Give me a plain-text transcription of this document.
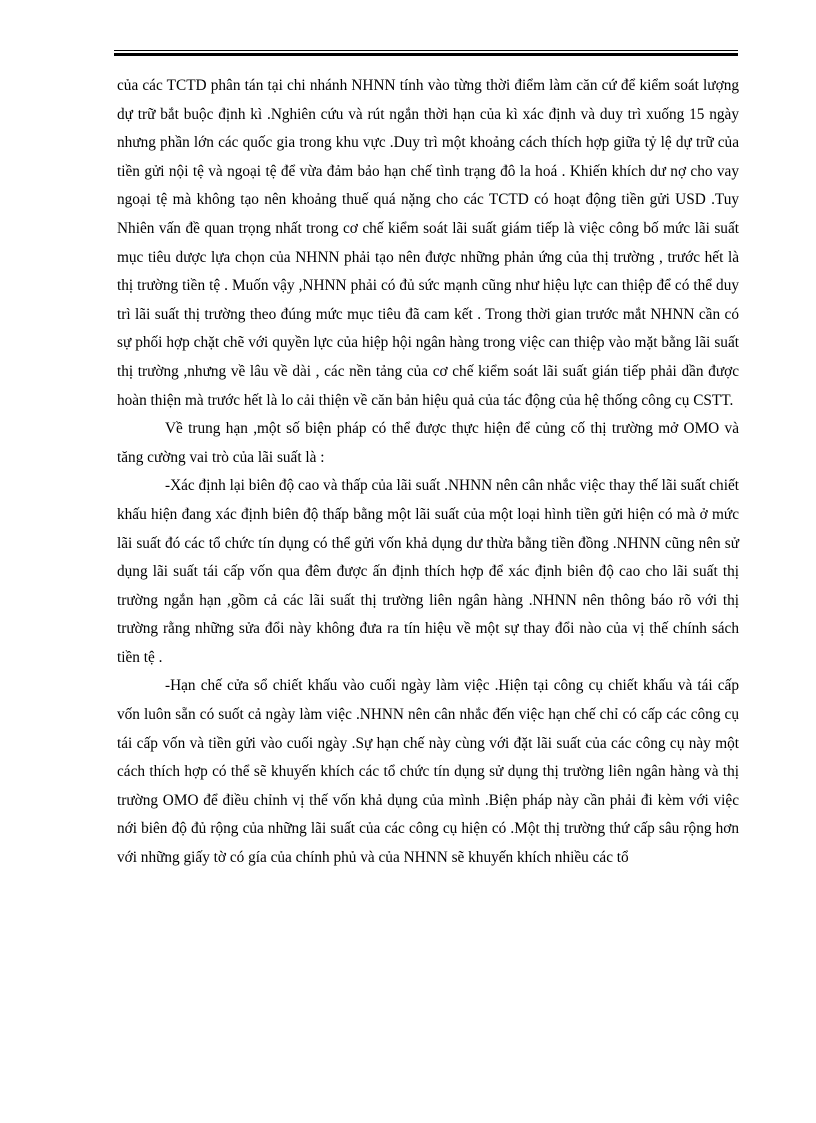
của các TCTD phân tán tại chi nhánh NHNN tính vào từng thời điểm làm căn cứ để kiểm soát lượng dự trữ bắt buộc định kì .Nghiên cứu và rút ngắn thời hạn của kì xác định và duy trì xuống 15 ngày nhưng phần lớn các quốc gia trong khu vực .Duy trì một khoảng cách thích hợp giữa tỷ lệ dự trữ của tiền gửi nội tệ và ngoại tệ để vừa đảm bảo hạn chế tình trạng đô la hoá . Khiến khích dư nợ cho vay ngoại tệ mà không tạo nên khoảng thuế quá nặng cho các TCTD có hoạt động tiền gửi USD .Tuy Nhiên vấn đề quan trọng nhất trong cơ chế kiểm soát lãi suất giám tiếp là việc công bố mức lãi suất mục tiêu dược lựa chọn của NHNN phải tạo nên được những phản ứng của thị trường , trước hết là thị trường tiền tệ . Muốn vậy ,NHNN phải có đủ sức mạnh cũng như hiệu lực can thiệp để có thể duy trì lãi suất thị trường theo đúng mức mục tiêu đã cam kết . Trong thời gian trước mắt NHNN cần có sự phối hợp chặt chẽ với quyền lực của hiệp hội ngân hàng trong việc can thiệp vào mặt bằng lãi suất thị trường ,nhưng về lâu về dài , các nền tảng của cơ chế kiểm soát lãi suất gián tiếp phải dần được hoàn thiện mà trước hết là lo cải thiện về căn bản hiệu quả của tác động của hệ thống công cụ CSTT.

Về trung hạn ,một số biện pháp có thể được thực hiện để củng cố thị trường mở OMO và tăng cường vai trò của lãi suất là :

-Xác định lại biên độ cao và thấp của lãi suất .NHNN nên cân nhắc việc thay thế lãi suất chiết khấu hiện đang xác định biên độ thấp bằng một lãi suất của một loại hình tiền gửi hiện có mà ở mức lãi suất đó các tổ chức tín dụng có thể gửi vốn khả dụng dư thừa bằng tiền đồng .NHNN cũng nên sử dụng lãi suất tái cấp vốn qua đêm được ấn định thích hợp để xác định biên độ cao cho lãi suất thị trường ngắn hạn ,gồm cả các lãi suất thị trường liên ngân hàng .NHNN nên thông báo rõ với thị trường rằng những sửa đổi này không đưa ra tín hiệu về một sự thay đổi nào của vị thế chính sách tiền tệ .

-Hạn chế cửa sổ chiết khấu vào cuối ngày làm việc .Hiện tại công cụ chiết khấu và tái cấp vốn luôn sẵn có suốt cả ngày làm việc .NHNN nên cân nhắc đến việc hạn chế chỉ có cấp các công cụ tái cấp vốn và tiền gửi vào cuối ngày .Sự hạn chế này cùng với đặt lãi suất của các công cụ này một cách thích hợp có thể sẽ khuyến khích các tổ chức tín dụng sử dụng thị trường liên ngân hàng và thị trường OMO để điều chỉnh vị thế vốn khả dụng của mình .Biện pháp này cần phải đi kèm với việc nới biên độ đủ rộng của những lãi suất của các công cụ hiện có .Một thị trường thứ cấp sâu rộng hơn với những giấy tờ có gía của chính phủ và của NHNN sẽ khuyến khích nhiều các tổ
